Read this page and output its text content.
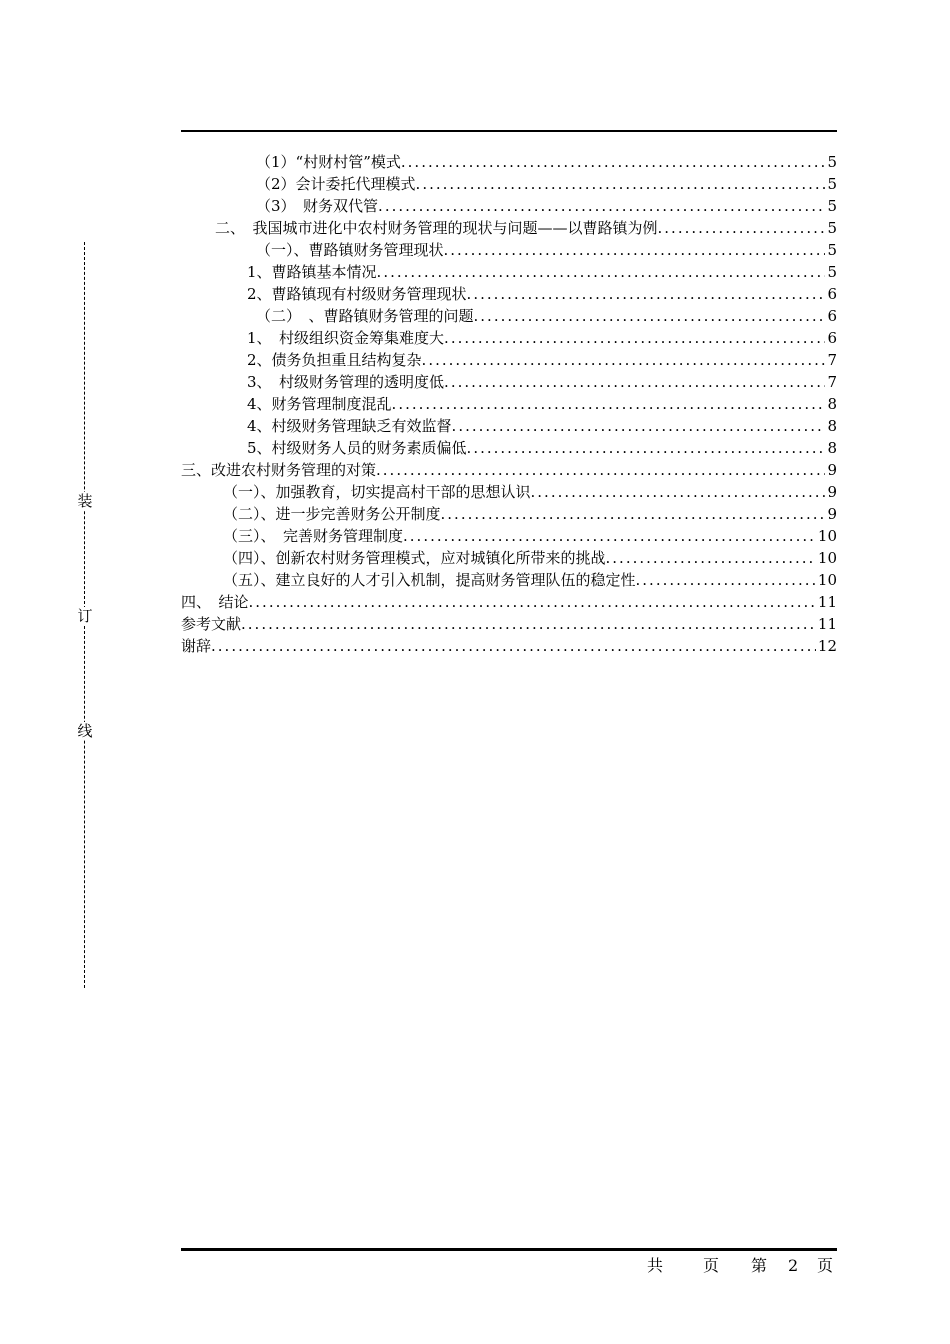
装
订
线
（1）“村财村管”模式 .....	5
（2）会计委托代理模式 .....	5
（3）　财务双代管 .....	5
二、　我国城市进化中农村财务管理的现状与问题——以曹路镇为例 .....	5
（一）、曹路镇财务管理现状 .....	5
1、曹路镇基本情况 .....	5
2、曹路镇现有村级财务管理现状 .....	6
（二）　、曹路镇财务管理的问题 .....	6
1、　村级组织资金筹集难度大 .....	6
2、债务负担重且结构复杂 .....	7
3、　村级财务管理的透明度低 .....	7
4、财务管理制度混乱 .....	8
4、村级财务管理缺乏有效监督 .....	8
5、村级财务人员的财务素质偏低 .....	8
三、改进农村财务管理的对策 .....	9
（一）、加强教育，切实提高村干部的思想认识 .....	9
（二）、进一步完善财务公开制度 .....	9
（三）、　完善财务管理制度 .....	10
（四）、创新农村财务管理模式，应对城镇化所带来的挑战 .....	10
（五）、建立良好的人才引入机制，提高财务管理队伍的稳定性 .....	10
四、　结论 .....	11
参考文献 .....	11
谢辞 .....	12
共 页 第 2 页
